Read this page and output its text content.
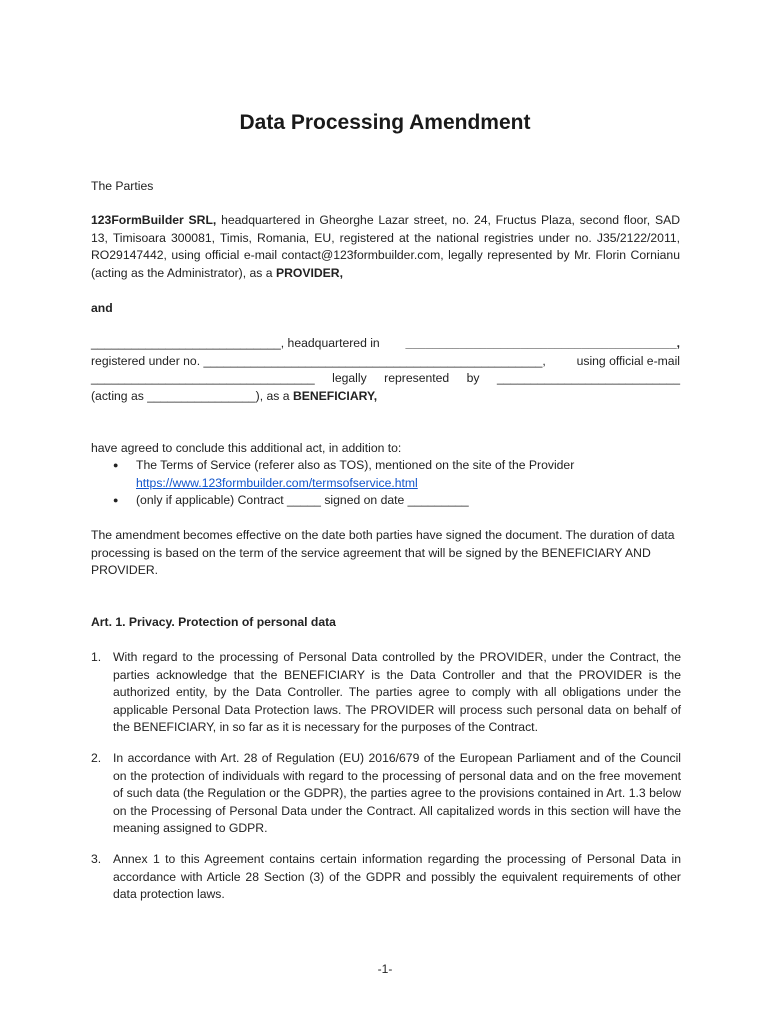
Data Processing Amendment
The Parties
123FormBuilder SRL, headquartered in Gheorghe Lazar street, no. 24, Fructus Plaza, second floor, SAD 13, Timisoara 300081, Timis, Romania, EU, registered at the national registries under no. J35/2122/2011, RO29147442, using official e-mail contact@123formbuilder.com, legally represented by Mr. Florin Cornianu (acting as the Administrator), as a PROVIDER,
and
____________________________, headquartered in	________________________________________,
registered under no. __________________________________________________,	using official e-mail
_________________________________ legally represented by ___________________________
(acting as ________________), as a BENEFICIARY,
have agreed to conclude this additional act, in addition to:
● The Terms of Service (referer also as TOS), mentioned on the site of the Provider
https://www.123formbuilder.com/termsofservice.html
● (only if applicable) Contract _____ signed on date _________
The amendment becomes effective on the date both parties have signed the document. The duration of data processing is based on the term of the service agreement that will be signed by the BENEFICIARY AND PROVIDER.
Art. 1. Privacy. Protection of personal data
1. With regard to the processing of Personal Data controlled by the PROVIDER, under the Contract, the parties acknowledge that the BENEFICIARY is the Data Controller and that the PROVIDER is the authorized entity, by the Data Controller. The parties agree to comply with all obligations under the applicable Personal Data Protection laws. The PROVIDER will process such personal data on behalf of the BENEFICIARY, in so far as it is necessary for the purposes of the Contract.
2. In accordance with Art. 28 of Regulation (EU) 2016/679 of the European Parliament and of the Council on the protection of individuals with regard to the processing of personal data and on the free movement of such data (the Regulation or the GDPR), the parties agree to the provisions contained in Art. 1.3 below on the Processing of Personal Data under the Contract. All capitalized words in this section will have the meaning assigned to GDPR.
3. Annex 1 to this Agreement contains certain information regarding the processing of Personal Data in accordance with Article 28 Section (3) of the GDPR and possibly the equivalent requirements of other data protection laws.
-1-
